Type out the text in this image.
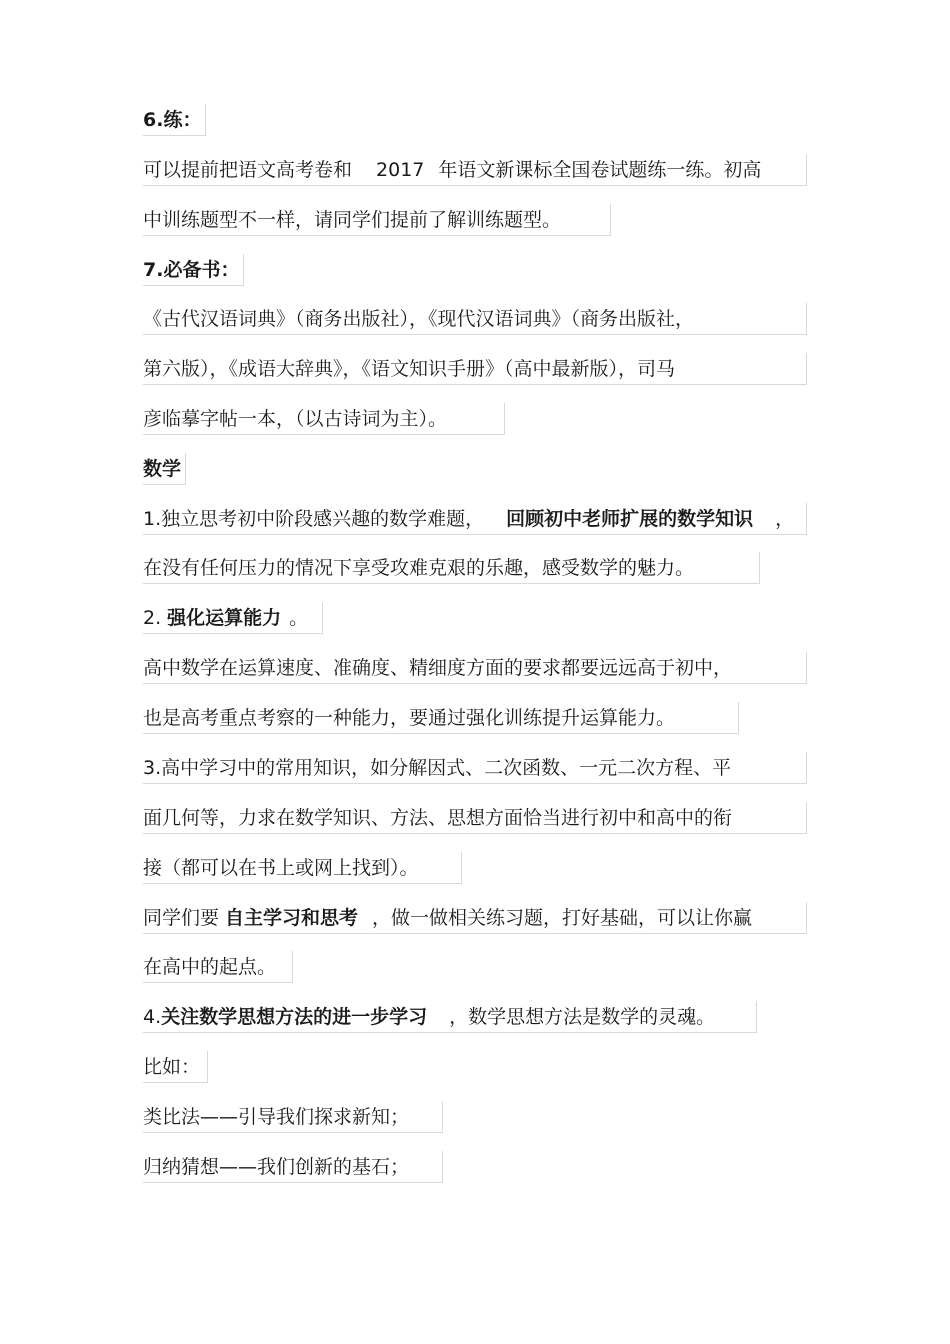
6.练：
可以提前把语文高考卷和 2017 年语文新课标全国卷试题练一练。初高
中训练题型不一样，请同学们提前了解训练题型。
7.必备书：
《古代汉语词典》（商务出版社），《现代汉语词典》（商务出版社，
第六版），《成语大辞典》，《语文知识手册》（高中最新版），司马
彦临摹字帖一本，（以古诗词为主）。
数学
1.独立思考初中阶段感兴趣的数学难题， 回顾初中老师扩展的数学知识 ，
在没有任何压力的情况下享受攻难克艰的乐趣，感受数学的魅力。
2. 强化运算能力 。
高中数学在运算速度、准确度、精细度方面的要求都要远远高于初中，
也是高考重点考察的一种能力，要通过强化训练提升运算能力。
3.高中学习中的常用知识，如分解因式、二次函数、一元二次方程、平
面几何等，力求在数学知识、方法、思想方面恰当进行初中和高中的衔
接（都可以在书上或网上找到）。
同学们要 自主学习和思考 ，做一做相关练习题，打好基础，可以让你赢
在高中的起点。
4.关注数学思想方法的进一步学习 ，数学思想方法是数学的灵魂。
比如：
类比法——引导我们探求新知；
归纳猜想——我们创新的基石；
